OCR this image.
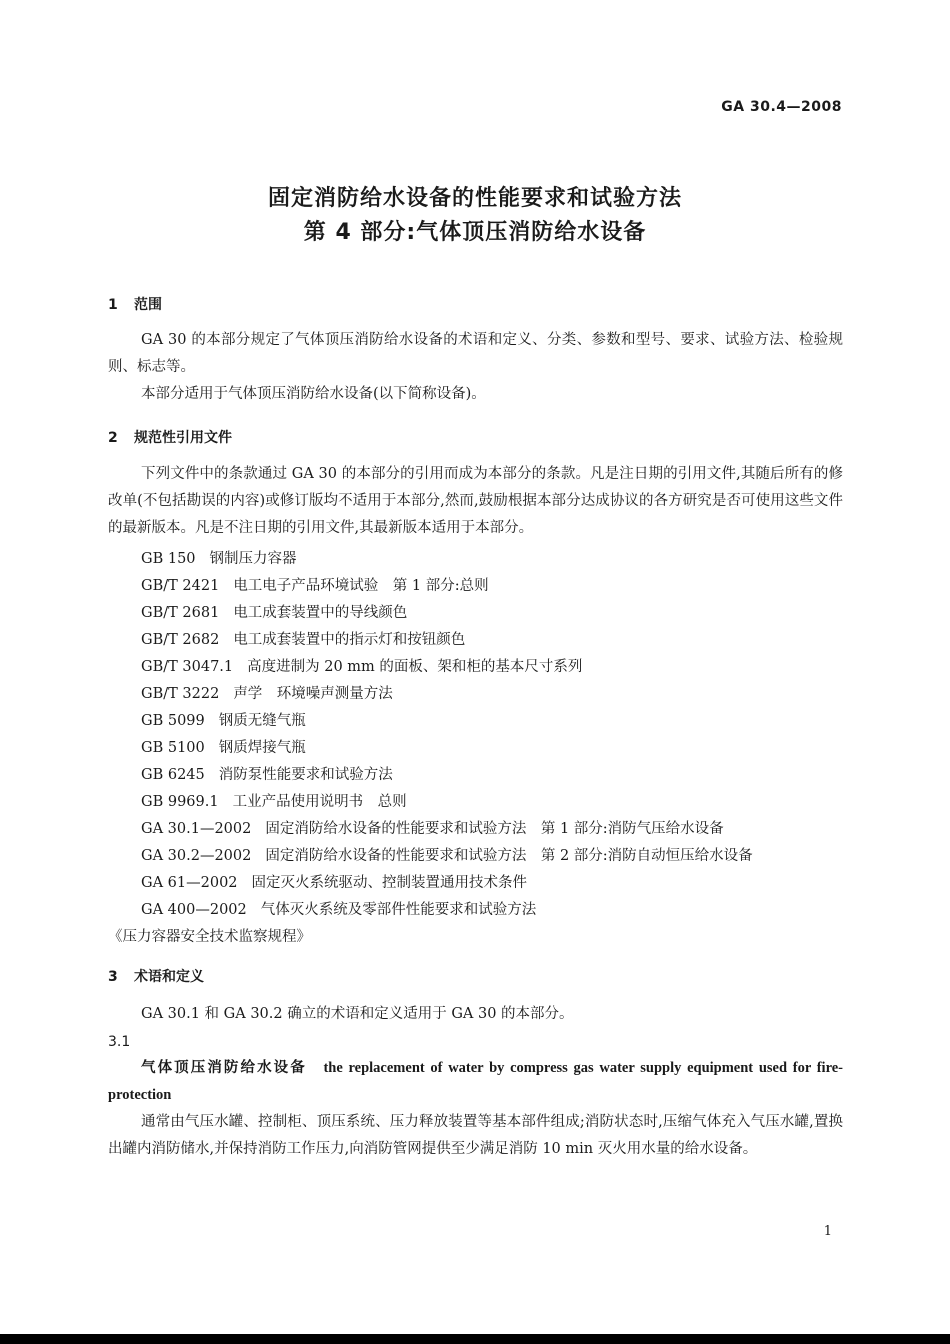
GA 30.4—2008
固定消防给水设备的性能要求和试验方法
第 4 部分:气体顶压消防给水设备
1 范围

GA 30 的本部分规定了气体顶压消防给水设备的术语和定义、分类、参数和型号、要求、试验方法、检验规则、标志等。

本部分适用于气体顶压消防给水设备(以下简称设备)。

2 规范性引用文件

下列文件中的条款通过 GA 30 的本部分的引用而成为本部分的条款。凡是注日期的引用文件,其随后所有的修改单(不包括勘误的内容)或修订版均不适用于本部分,然而,鼓励根据本部分达成协议的各方研究是否可使用这些文件的最新版本。凡是不注日期的引用文件,其最新版本适用于本部分。

GB 150 钢制压力容器
GB/T 2421 电工电子产品环境试验　第 1 部分:总则
GB/T 2681 电工成套装置中的导线颜色
GB/T 2682 电工成套装置中的指示灯和按钮颜色
GB/T 3047.1 高度进制为 20 mm 的面板、架和柜的基本尺寸系列
GB/T 3222 声学　环境噪声测量方法
GB 5099 钢质无缝气瓶
GB 5100 钢质焊接气瓶
GB 6245 消防泵性能要求和试验方法
GB 9969.1 工业产品使用说明书　总则
GA 30.1—2002 固定消防给水设备的性能要求和试验方法　第 1 部分:消防气压给水设备
GA 30.2—2002 固定消防给水设备的性能要求和试验方法　第 2 部分:消防自动恒压给水设备
GA 61—2002 固定灭火系统驱动、控制装置通用技术条件
GA 400—2002 气体灭火系统及零部件性能要求和试验方法
《压力容器安全技术监察规程》
3 术语和定义

GA 30.1 和 GA 30.2 确立的术语和定义适用于 GA 30 的本部分。

3.1

气体顶压消防给水设备　 the replacement of water by compress gas water supply equipment used for fire-protection

通常由气压水罐、控制柜、顶压系统、压力释放装置等基本部件组成;消防状态时,压缩气体充入气压水罐,置换出罐内消防储水,并保持消防工作压力,向消防管网提供至少满足消防 10 min 灭火用水量的给水设备。

1
